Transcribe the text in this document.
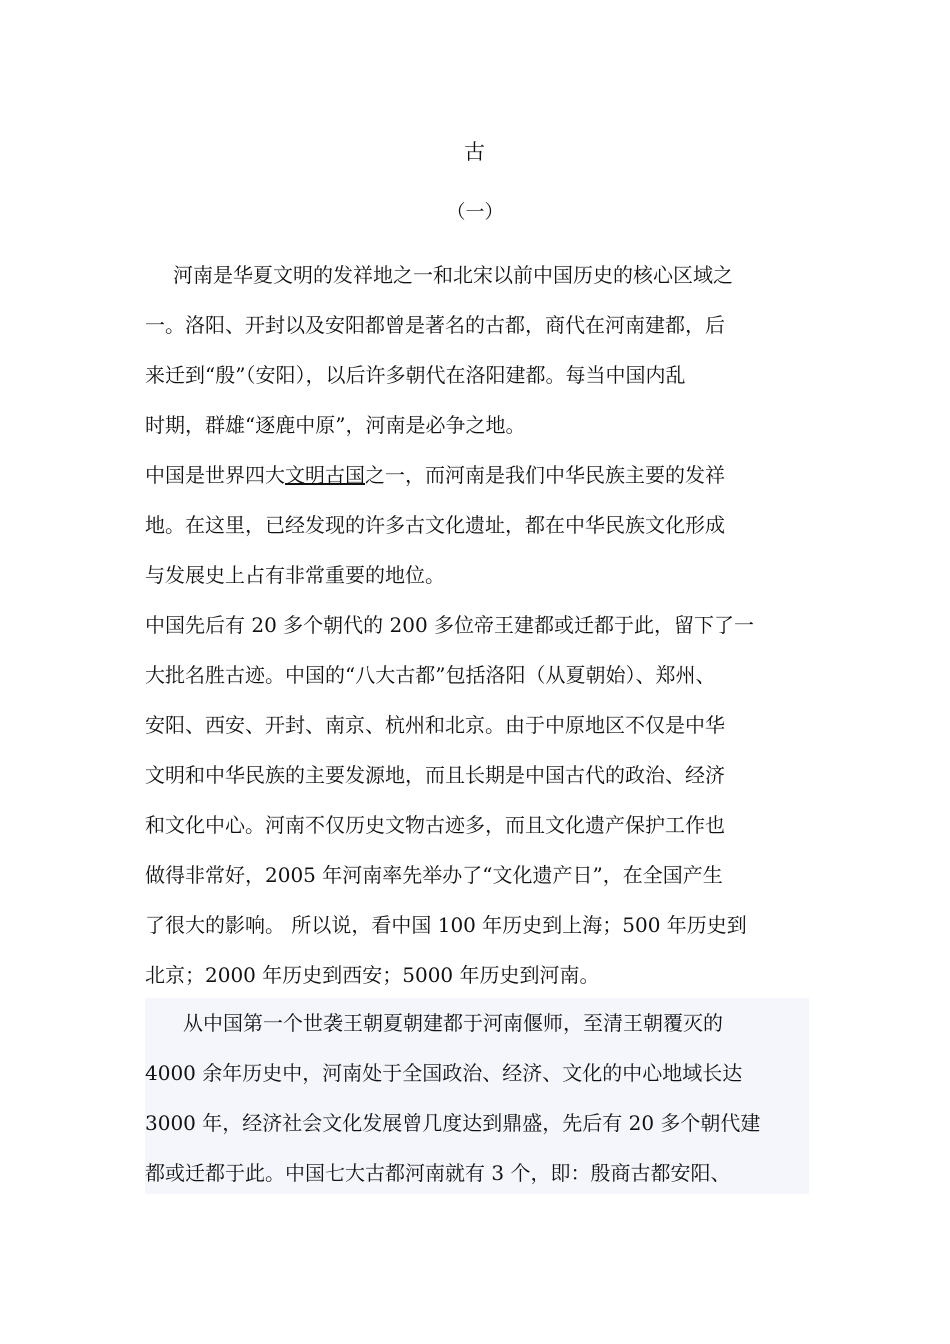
古
（一）
河南是华夏文明的发祥地之一和北宋以前中国历史的核心区域之
一。洛阳、开封以及安阳都曾是著名的古都，商代在河南建都，后
来迁到“殷”（安阳），以后许多朝代在洛阳建都。每当中国内乱
时期，群雄“逐鹿中原”，河南是必争之地。
中国是世界四大文明古国之一，而河南是我们中华民族主要的发祥
地。在这里，已经发现的许多古文化遗址，都在中华民族文化形成
与发展史上占有非常重要的地位。
中国先后有 20 多个朝代的 200 多位帝王建都或迁都于此，留下了一
大批名胜古迹。中国的“八大古都”包括洛阳（从夏朝始）、郑州、
安阳、西安、开封、南京、杭州和北京。由于中原地区不仅是中华
文明和中华民族的主要发源地，而且长期是中国古代的政治、经济
和文化中心。河南不仅历史文物古迹多，而且文化遗产保护工作也
做得非常好，2005 年河南率先举办了“文化遗产日”，在全国产生
了很大的影响。 所以说，看中国 100 年历史到上海；500 年历史到
北京；2000 年历史到西安；5000 年历史到河南。
从中国第一个世袭王朝夏朝建都于河南偃师，至清王朝覆灭的
4000 余年历史中，河南处于全国政治、经济、文化的中心地域长达
3000 年，经济社会文化发展曾几度达到鼎盛，先后有 20 多个朝代建
都或迁都于此。中国七大古都河南就有 3 个，即：殷商古都安阳、
